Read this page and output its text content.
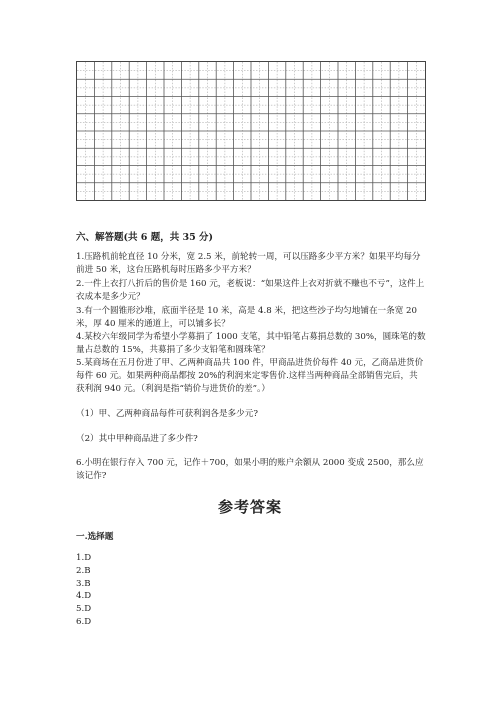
六、解答题(共 6 题，共 35 分)

1.压路机前轮直径 10 分米，宽 2.5 米，前轮转一周，可以压路多少平方米？如果平均每分前进 50 米，这台压路机每时压路多少平方米？

2.一件上衣打八折后的售价是 160 元，老板说：“如果这件上衣对折就不赚也不亏”，这件上衣成本是多少元？

3.有一个圆锥形沙堆，底面半径是 10 米，高是 4.8 米，把这些沙子均匀地铺在一条宽 20 米，厚 40 厘米的通道上，可以铺多长？

4.某校六年级同学为希望小学募捐了 1000 支笔，其中铅笔占募捐总数的 30%，圆珠笔的数量占总数的 15%，共募捐了多少支铅笔和圆珠笔？

5.某商场在五月份进了甲、乙两种商品共 100 件，甲商品进货价每件 40 元，乙商品进货价每件 60 元。如果两种商品都按 20%的利润来定零售价.这样当两种商品全部销售完后，共获利润 940 元。（利润是指“销价与进货价的差”。）

（1）甲、乙两种商品每件可获利润各是多少元?

（2）其中甲种商品进了多少件?

6.小明在银行存入 700 元，记作＋700，如果小明的账户余额从 2000 变成 2500，那么应该记作?

参考答案
一.选择题
1.D
2.B
3.B
4.D
5.D
6.D
